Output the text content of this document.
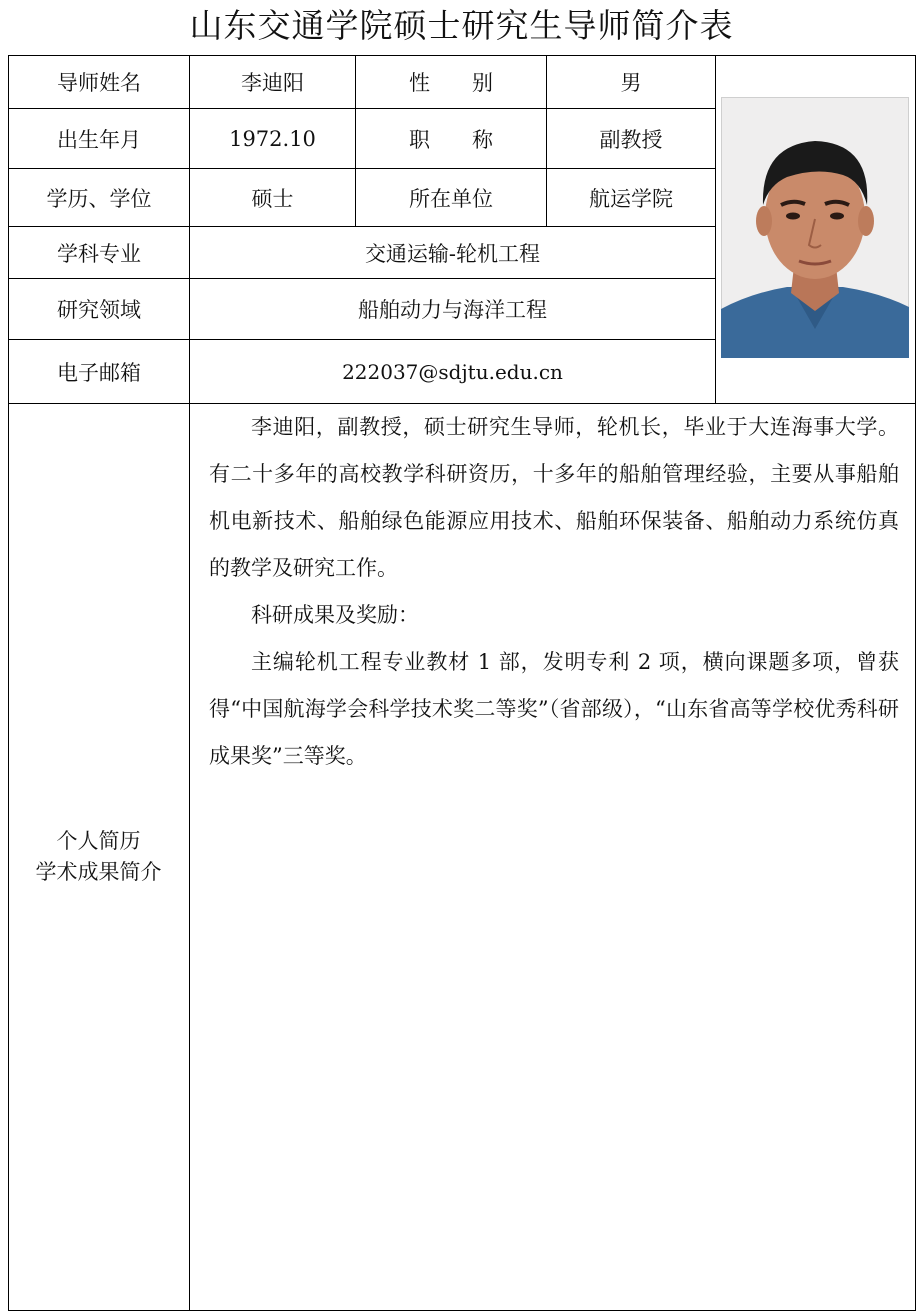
山东交通学院硕士研究生导师简介表
导师姓名	李迪阳	性　　别	男
出生年月	1972.10	职　　称	副教授
学历、学位	硕士	所在单位	航运学院
学科专业	交通运输-轮机工程
研究领域	船舶动力与海洋工程
电子邮箱	222037@sdjtu.edu.cn
个人简历
学术成果简介

李迪阳，副教授，硕士研究生导师，轮机长，毕业于大连海事大学。有二十多年的高校教学科研资历，十多年的船舶管理经验，主要从事船舶机电新技术、船舶绿色能源应用技术、船舶环保装备、船舶动力系统仿真的教学及研究工作。

科研成果及奖励：

主编轮机工程专业教材 1 部，发明专利 2 项，横向课题多项，曾获得“中国航海学会科学技术奖二等奖”（省部级），“山东省高等学校优秀科研成果奖”三等奖。
